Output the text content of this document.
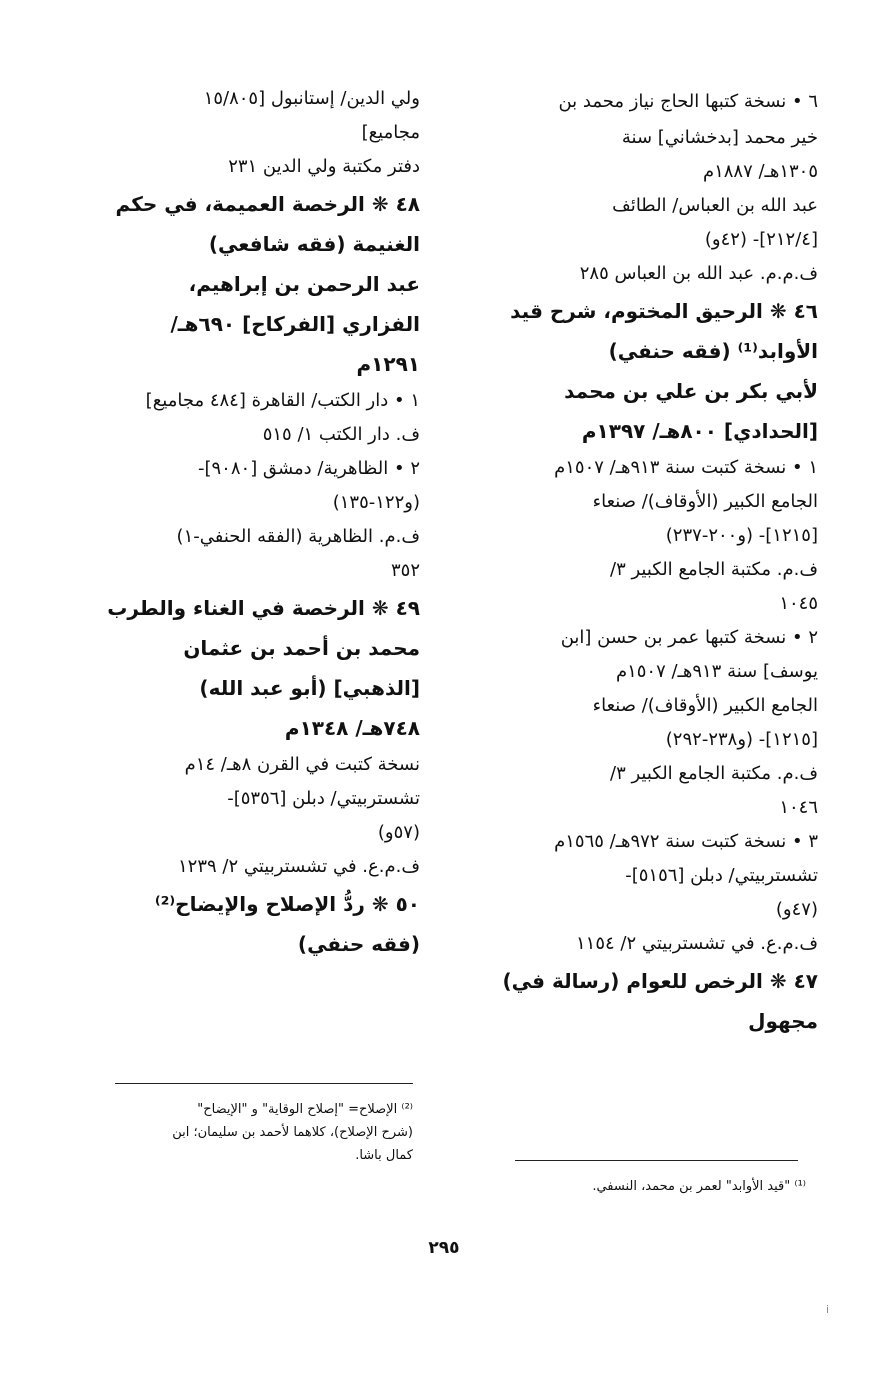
٦ • نسخة كتبها الحاج نياز محمد بن
خير محمد [بدخشاني] سنة
١٣٠٥هـ/ ١٨٨٧م
عبد الله بن العباس/ الطائف
[٢١٢/٤]- (٤٢و)
ف.م.م. عبد الله بن العباس ٢٨٥
٤٦ ❋ الرحيق المختوم، شرح قيد
الأوابد⁽¹⁾ (فقه حنفي)
لأبي بكر بن علي بن محمد
[الحدادي] ٨٠٠هـ/ ١٣٩٧م
١ • نسخة كتبت سنة ٩١٣هـ/ ١٥٠٧م
الجامع الكبير (الأوقاف)/ صنعاء
[١٢١٥]- (و٢٠٠-٢٣٧)
ف.م. مكتبة الجامع الكبير ٣/
١٠٤٥
٢ • نسخة كتبها عمر بن حسن [ابن
يوسف] سنة ٩١٣هـ/ ١٥٠٧م
الجامع الكبير (الأوقاف)/ صنعاء
[١٢١٥]- (و٢٣٨-٢٩٢)
ف.م. مكتبة الجامع الكبير ٣/
١٠٤٦
٣ • نسخة كتبت سنة ٩٧٢هـ/ ١٥٦٥م
تشستربيتي/ دبلن [٥١٥٦]-
(٤٧و)
ف.م.ع. في تشستربيتي ٢/ ١١٥٤
٤٧ ❋ الرخص للعوام (رسالة في)
مجهول
ولي الدين/ إستانبول [١٥/٨٠٥
مجاميع]
دفتر مكتبة ولي الدين ٢٣١
٤٨ ❋ الرخصة العميمة، في حكم
الغنيمة (فقه شافعي)
عبد الرحمن بن إبراهيم،
الفزاري [الفركاح] ٦٩٠هـ/
١٢٩١م
١ • دار الكتب/ القاهرة [٤٨٤ مجاميع]
ف. دار الكتب ١/ ٥١٥
٢ • الظاهرية/ دمشق [٩٠٨٠]-
(و١٢٢-١٣٥)
ف.م. الظاهرية (الفقه الحنفي-١)
٣٥٢
٤٩ ❋ الرخصة في الغناء والطرب
محمد بن أحمد بن عثمان
[الذهبي] (أبو عبد الله)
٧٤٨هـ/ ١٣٤٨م
نسخة كتبت في القرن ٨هـ/ ١٤م
تشستربيتي/ دبلن [٥٣٥٦]-
(٥٧و)
ف.م.ع. في تشستربيتي ٢/ ١٢٣٩
٥٠ ❋ ردُّ الإصلاح والإيضاح⁽²⁾
(فقه حنفي)
⁽²⁾ الإصلاح= "إصلاح الوقاية" و "الإيضاح"
(شرح الإصلاح)، كلاهما لأحمد بن سليمان؛ ابن
كمال باشا.
⁽¹⁾ "قيد الأوابد" لعمر بن محمد، النسفي.
٢٩٥
i
